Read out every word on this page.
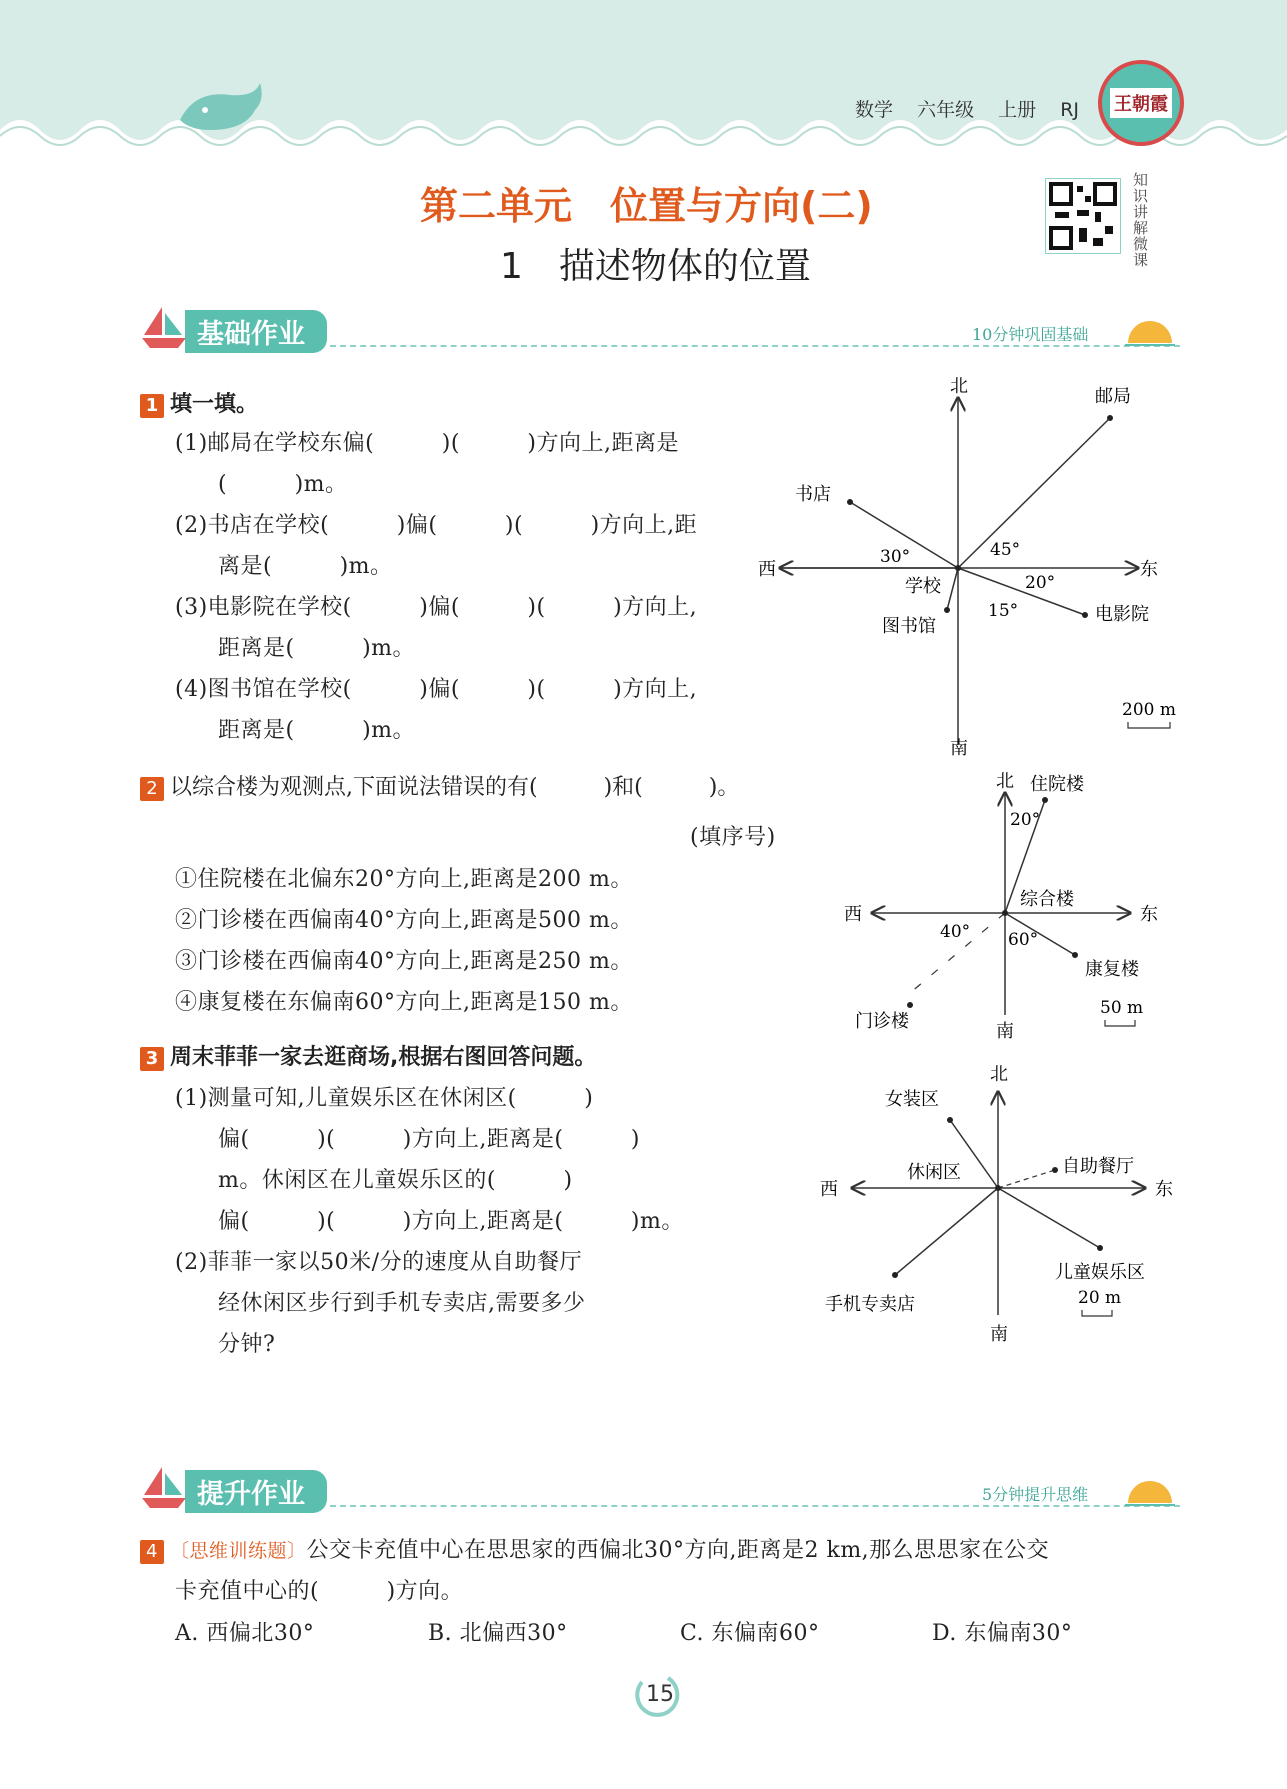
数学 六年级 上册 RJ	王朝霞
第二单元　位置与方向(二)
1　描述物体的位置	知识讲解微课
基础作业	10分钟巩固基础
1 填一填。
(1)邮局在学校东偏(　　　)(　　　)方向上,距离是
(　　　)m。
(2)书店在学校(　　　)偏(　　　)(　　　)方向上,距
离是(　　　)m。
(3)电影院在学校(　　　)偏(　　　)(　　　)方向上,
距离是(　　　)m。
(4)图书馆在学校(　　　)偏(　　　)(　　　)方向上,
距离是(　　　)m。
北
南
西	东
邮局
书店
电影院
图书馆
学校
45°
30°
20°
15°
200 m
2 以综合楼为观测点,下面说法错误的有(　　　)和(　　　)。
(填序号)
①住院楼在北偏东20°方向上,距离是200 m。
②门诊楼在西偏南40°方向上,距离是500 m。
③门诊楼在西偏南40°方向上,距离是250 m。
④康复楼在东偏南60°方向上,距离是150 m。
北
南
西	东
住院楼
门诊楼
康复楼
综合楼
20°
40° 60°
50 m
3 周末菲菲一家去逛商场,根据右图回答问题。
(1)测量可知,儿童娱乐区在休闲区(　　　)
偏(　　　)(　　　)方向上,距离是(　　　)
m。休闲区在儿童娱乐区的(　　　)
偏(　　　)(　　　)方向上,距离是(　　　)m。
(2)菲菲一家以50米/分的速度从自助餐厅
经休闲区步行到手机专卖店,需要多少
分钟?
北
南
西	东
女装区
自助餐厅
儿童娱乐区
手机专卖店
休闲区
20 m
提升作业	5分钟提升思维
4 〔思维训练题〕公交卡充值中心在思思家的西偏北30°方向,距离是2 km,那么思思家在公交
卡充值中心的(　　　)方向。
A. 西偏北30°	B. 北偏西30°	C. 东偏南60°	D. 东偏南30°
15
